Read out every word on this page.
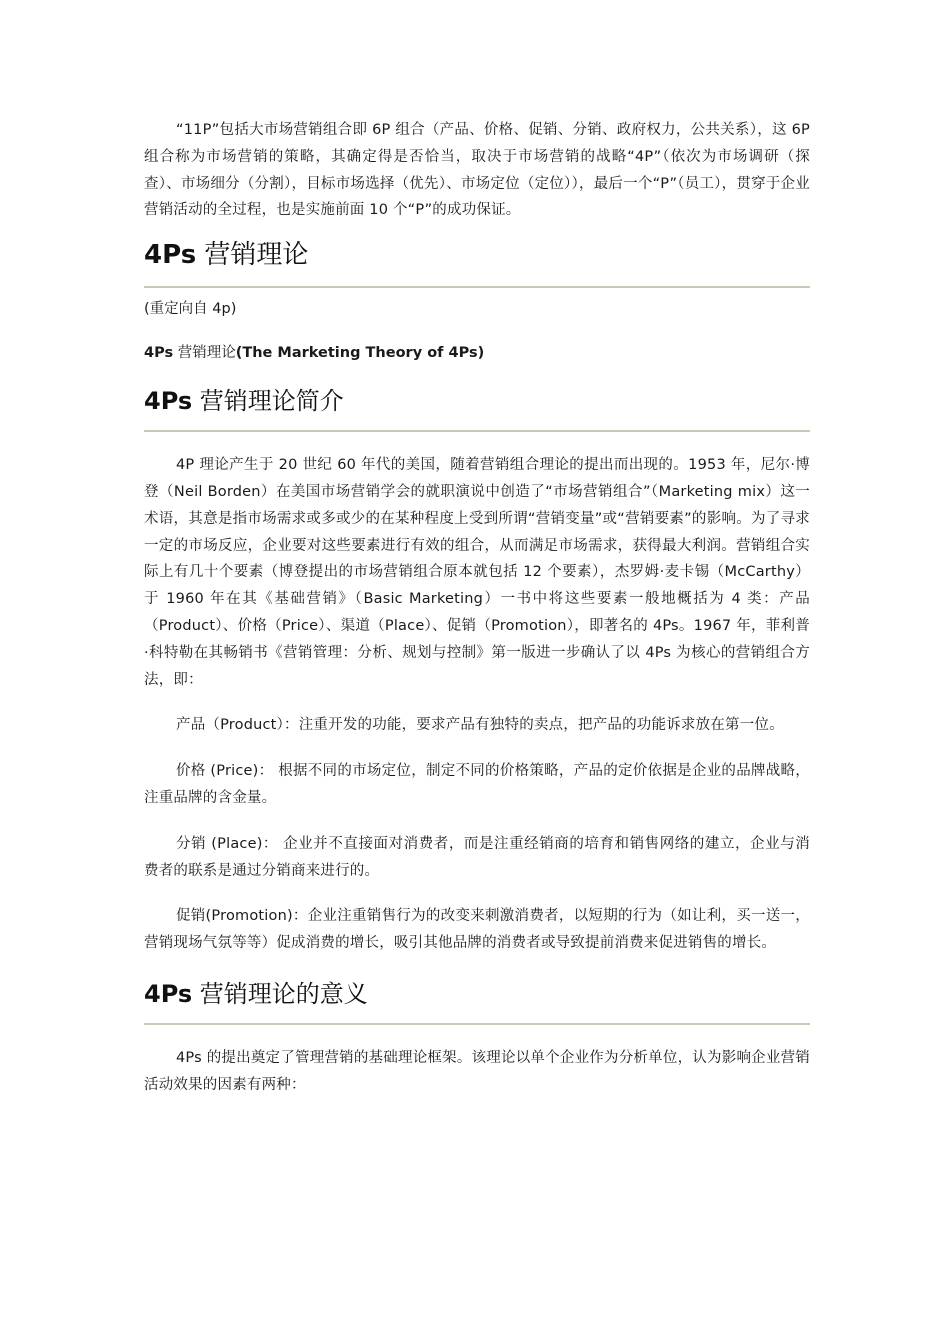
“11P”包括大市场营销组合即 6P 组合（产品、价格、促销、分销、政府权力，公共关系），这 6P 组合称为市场营销的策略，其确定得是否恰当，取决于市场营销的战略“4P”（依次为市场调研（探查）、市场细分（分割），目标市场选择（优先）、市场定位（定位）），最后一个“P”（员工），贯穿于企业营销活动的全过程，也是实施前面 10 个“P”的成功保证。

4Ps 营销理论

(重定向自 4p)

4Ps 营销理论(The Marketing Theory of 4Ps)

4Ps 营销理论简介

4P 理论产生于 20 世纪 60 年代的美国，随着营销组合理论的提出而出现的。1953 年，尼尔·博登（Neil Borden）在美国市场营销学会的就职演说中创造了“市场营销组合”（Marketing mix）这一术语，其意是指市场需求或多或少的在某种程度上受到所谓“营销变量”或“营销要素”的影响。为了寻求一定的市场反应，企业要对这些要素进行有效的组合，从而满足市场需求，获得最大利润。营销组合实际上有几十个要素（博登提出的市场营销组合原本就包括 12 个要素），杰罗姆·麦卡锡（McCarthy）于 1960 年在其《基础营销》（Basic Marketing）一书中将这些要素一般地概括为 4 类：产品（Product）、价格（Price）、渠道（Place）、促销（Promotion），即著名的 4Ps。1967 年，菲利普·科特勒在其畅销书《营销管理：分析、规划与控制》第一版进一步确认了以 4Ps 为核心的营销组合方法，即：

产品（Product）：注重开发的功能，要求产品有独特的卖点，把产品的功能诉求放在第一位。

价格 (Price)： 根据不同的市场定位，制定不同的价格策略，产品的定价依据是企业的品牌战略，注重品牌的含金量。

分销 (Place)： 企业并不直接面对消费者，而是注重经销商的培育和销售网络的建立，企业与消费者的联系是通过分销商来进行的。

促销(Promotion)：企业注重销售行为的改变来刺激消费者，以短期的行为（如让利，买一送一，营销现场气氛等等）促成消费的增长，吸引其他品牌的消费者或导致提前消费来促进销售的增长。

4Ps 营销理论的意义

4Ps 的提出奠定了管理营销的基础理论框架。该理论以单个企业作为分析单位，认为影响企业营销活动效果的因素有两种：
